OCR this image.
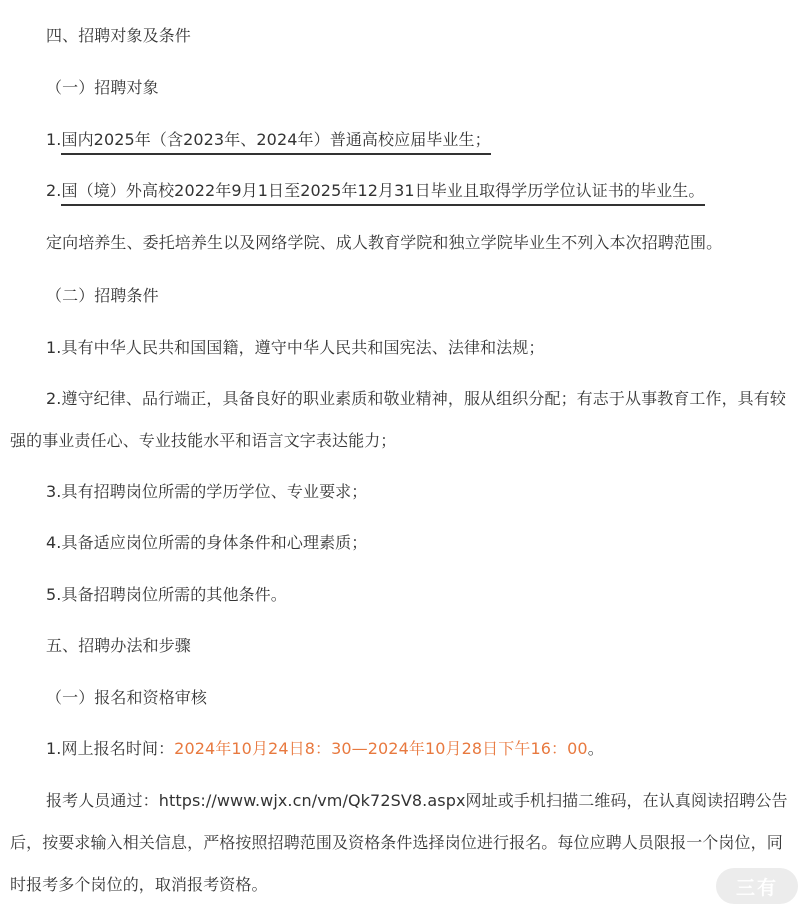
四、招聘对象及条件
（一）招聘对象
1.国内2025年（含2023年、2024年）普通高校应届毕业生；
2.国（境）外高校2022年9月1日至2025年12月31日毕业且取得学历学位认证书的毕业生。
定向培养生、委托培养生以及网络学院、成人教育学院和独立学院毕业生不列入本次招聘范围。
（二）招聘条件
1.具有中华人民共和国国籍，遵守中华人民共和国宪法、法律和法规；

2.遵守纪律、品行端正，具备良好的职业素质和敬业精神，服从组织分配；有志于从事教育工作，具有较强的事业责任心、专业技能水平和语言文字表达能力；

3.具有招聘岗位所需的学历学位、专业要求；
4.具备适应岗位所需的身体条件和心理素质；
5.具备招聘岗位所需的其他条件。
五、招聘办法和步骤
（一）报名和资格审核
1.网上报名时间：2024年10月24日8：30—2024年10月28日下午16：00。

报考人员通过：https://www.wjx.cn/vm/Qk72SV8.aspx网址或手机扫描二维码，在认真阅读招聘公告后，按要求输入相关信息，严格按照招聘范围及资格条件选择岗位进行报名。每位应聘人员限报一个岗位，同时报考多个岗位的，取消报考资格。	三有
